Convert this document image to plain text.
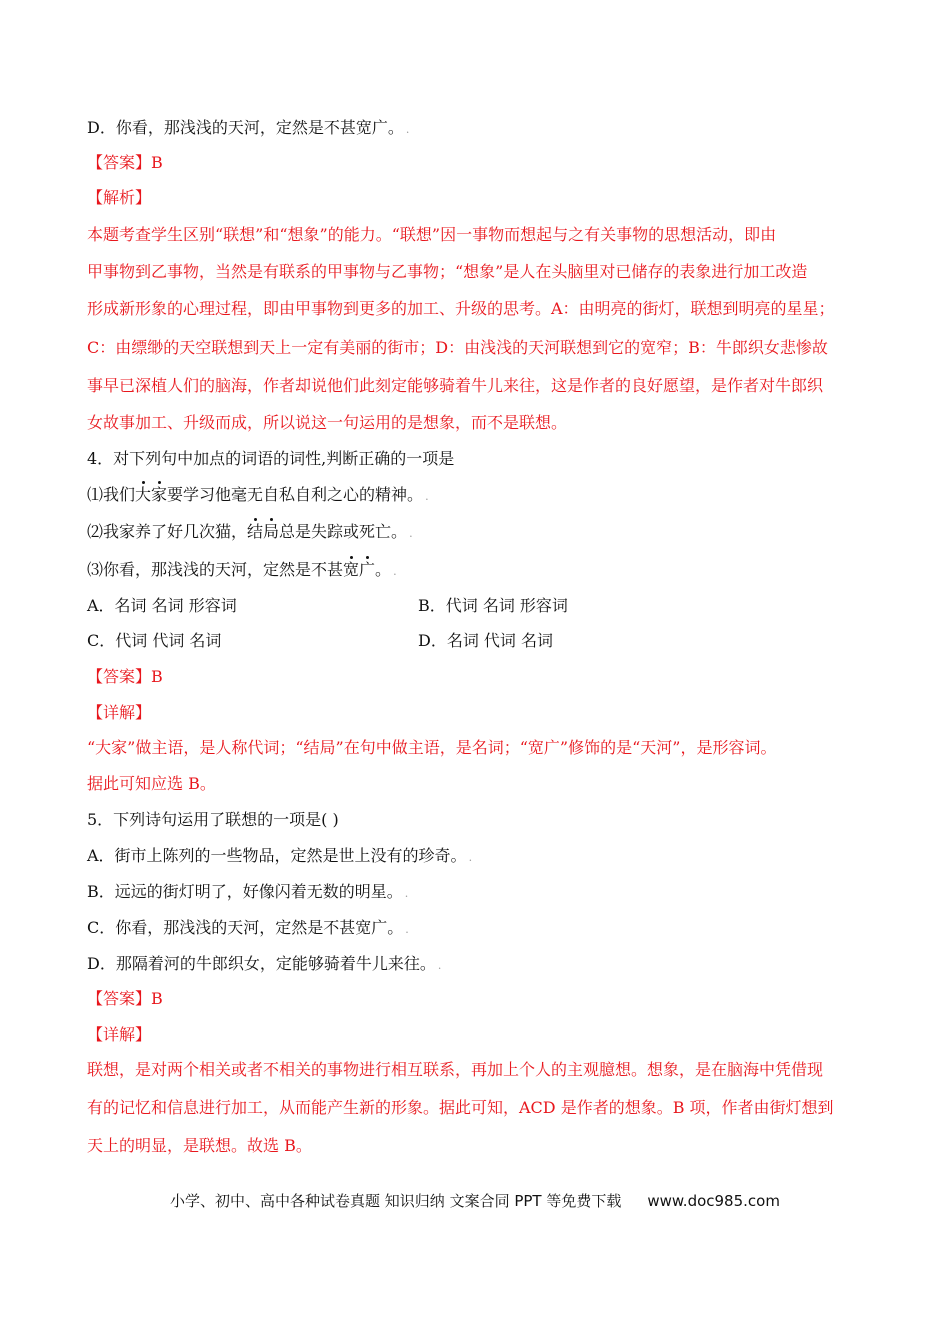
D．你看，那浅浅的天河，定然是不甚宽广。 .
【答案】B
【解析】
本题考查学生区别“联想”和“想象”的能力。“联想”因一事物而想起与之有关事物的思想活动，即由
甲事物到乙事物，当然是有联系的甲事物与乙事物；“想象”是人在头脑里对已储存的表象进行加工改造
形成新形象的心理过程，即由甲事物到更多的加工、升级的思考。A：由明亮的街灯，联想到明亮的星星；
C：由缥缈的天空联想到天上一定有美丽的街市；D：由浅浅的天河联想到它的宽窄；B：牛郎织女悲惨故
事早已深植人们的脑海，作者却说他们此刻定能够骑着牛儿来往，这是作者的良好愿望，是作者对牛郎织
女故事加工、升级而成，所以说这一句运用的是想象，而不是联想。
4．对下列句中加点的词语的词性,判断正确的一项是
⑴我们大家要学习他毫无自私自利之心的精神。 .
⑵我家养了好几次猫，结局总是失踪或死亡。 .
⑶你看，那浅浅的天河，定然是不甚宽广。 .
A．名词 名词 形容词	B．代词 名词 形容词
C．代词 代词 名词	D．名词 代词 名词
【答案】B
【详解】
“大家”做主语，是人称代词；“结局”在句中做主语，是名词；“宽广”修饰的是“天河”，是形容词。
据此可知应选 B。
5．下列诗句运用了联想的一项是( )
A．街市上陈列的一些物品，定然是世上没有的珍奇。 .
B．远远的街灯明了，好像闪着无数的明星。 .
C．你看，那浅浅的天河，定然是不甚宽广。 .
D．那隔着河的牛郎织女，定能够骑着牛儿来往。 .
【答案】B
【详解】
联想，是对两个相关或者不相关的事物进行相互联系，再加上个人的主观臆想。想象，是在脑海中凭借现
有的记忆和信息进行加工，从而能产生新的形象。据此可知，ACD 是作者的想象。B 项，作者由街灯想到
天上的明显，是联想。故选 B。
小学、初中、高中各种试卷真题 知识归纳 文案合同 PPT 等免费下载 www.doc985.com
